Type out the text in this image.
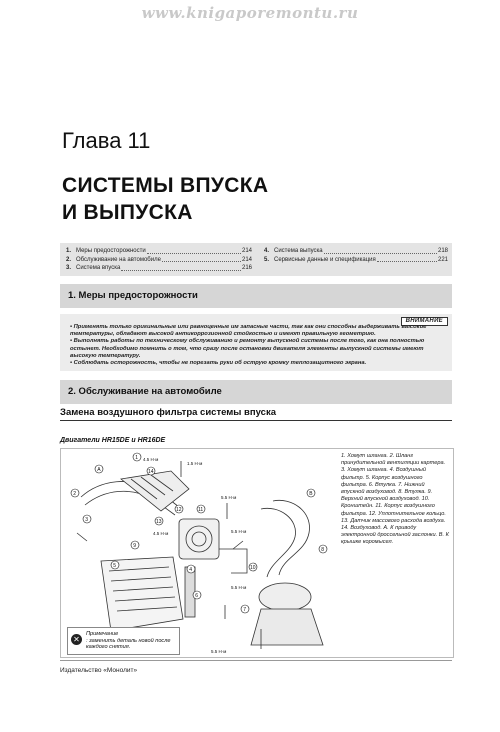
www.knigaporemontu.ru
Глава 11
СИСТЕМЫ ВПУСКА
И ВЫПУСКА
1. Меры предосторожности	214
2. Обслуживание на автомобиле	214
3. Система впуска	216
4. Система выпуска	218
5. Сервисные данные и спецификация	221
1. Меры предосторожности
ВНИМАНИЕ
• Применять только оригинальные или равноценные им запасные части, так как они способны выдерживать высокие температуры, обладают высокой антикоррозионной стойкостью и имеют правильную геометрию.
• Выполнять работы по техническому обслуживанию и ремонту выпускной системы после того, как она полностью остынет. Необходимо помнить о том, что сразу после остановки двигателя элементы выпускной системы имеют высокую температуру.
• Соблюдать осторожность, чтобы не порезать руки об острую кромку теплозащитного экрана.
2. Обслуживание на автомобиле
Замена воздушного фильтра системы впуска
Двигатели HR15DE и HR16DE
1
A	14
2
3	13
12	11
9
5
4	10
6
B
8
7
4.5 Н·м
1.5 Н·м
5.5 Н·м
4.5 Н·м	5.5 Н·м
5.5 Н·м
5.5 Н·м
1. Хомут шланга. 2. Шланг принудительной вентиляции картера. 3. Хомут шланга. 4. Воздушный фильтр. 5. Корпус воздушного фильтра. 6. Втулка. 7. Нижний впускной воздуховод. 8. Втулка. 9. Верхний впускной воздуховод. 10. Кронштейн. 11. Корпус воздушного фильтра. 12. Уплотнительное кольцо. 13. Датчик массового расхода воздуха. 14. Воздуховод. А. К приводу электронной дроссельной заслонки. В. К крышке коромысел.
✕
Примечание
: заменить деталь новой после каждого снятия.
Издательство «Монолит»
